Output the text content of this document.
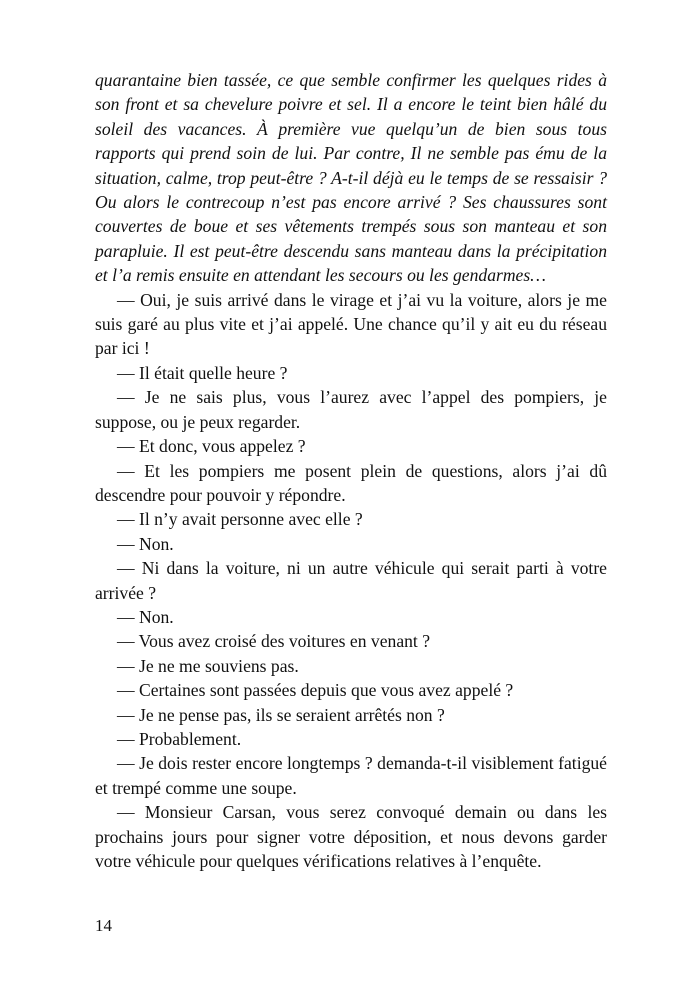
quarantaine bien tassée, ce que semble confirmer les quelques rides à son front et sa chevelure poivre et sel. Il a encore le teint bien hâlé du soleil des vacances. À première vue quelqu’un de bien sous tous rapports qui prend soin de lui. Par contre, Il ne semble pas ému de la situation, calme, trop peut-être ? A-t-il déjà eu le temps de se ressaisir ? Ou alors le contrecoup n’est pas encore arrivé ? Ses chaussures sont couvertes de boue et ses vêtements trempés sous son manteau et son parapluie. Il est peut-être descendu sans manteau dans la précipitation et l’a remis ensuite en attendant les secours ou les gendarmes…

— Oui, je suis arrivé dans le virage et j’ai vu la voiture, alors je me suis garé au plus vite et j’ai appelé. Une chance qu’il y ait eu du réseau par ici !

— Il était quelle heure ?

— Je ne sais plus, vous l’aurez avec l’appel des pompiers, je suppose, ou je peux regarder.

— Et donc, vous appelez ?

— Et les pompiers me posent plein de questions, alors j’ai dû descendre pour pouvoir y répondre.

— Il n’y avait personne avec elle ?

— Non.

— Ni dans la voiture, ni un autre véhicule qui serait parti à votre arrivée ?

— Non.

— Vous avez croisé des voitures en venant ?

— Je ne me souviens pas.

— Certaines sont passées depuis que vous avez appelé ?

— Je ne pense pas, ils se seraient arrêtés non ?

— Probablement.

— Je dois rester encore longtemps ? demanda-t-il visiblement fatigué et trempé comme une soupe.

— Monsieur Carsan, vous serez convoqué demain ou dans les prochains jours pour signer votre déposition, et nous devons garder votre véhicule pour quelques vérifications relatives à l’enquête.

14
